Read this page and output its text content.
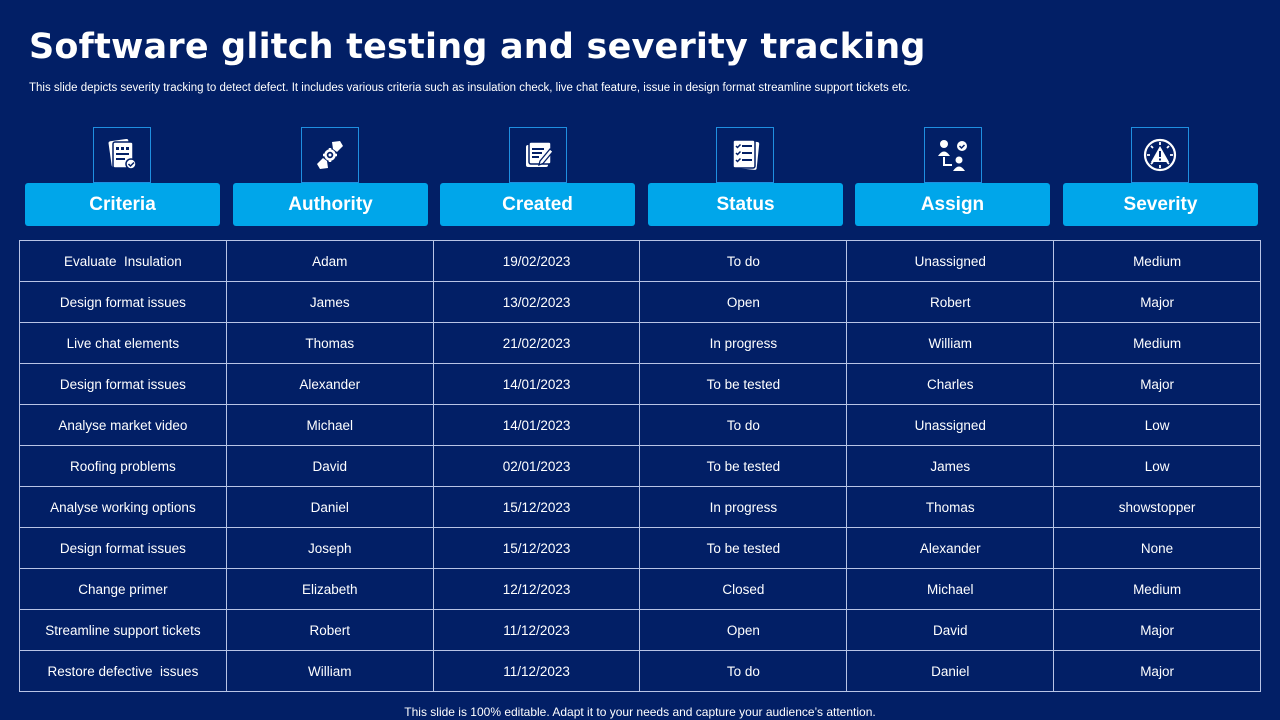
Software glitch testing and severity tracking
This slide depicts severity tracking to detect defect. It includes various criteria such as insulation check, live chat feature, issue in design format streamline support tickets etc.
Criteria	Authority	Created	Status	Assign	Severity
Evaluate  Insulation	Adam	19/02/2023	To do	Unassigned	Medium
Design format issues	James	13/02/2023	Open	Robert	Major
Live chat elements	Thomas	21/02/2023	In progress	William	Medium
Design format issues	Alexander	14/01/2023	To be tested	Charles	Major
Analyse market video	Michael	14/01/2023	To do	Unassigned	Low
Roofing problems	David	02/01/2023	To be tested	James	Low
Analyse working options	Daniel	15/12/2023	In progress	Thomas	showstopper
Design format issues	Joseph	15/12/2023	To be tested	Alexander	None
Change primer	Elizabeth	12/12/2023	Closed	Michael	Medium
Streamline support tickets	Robert	11/12/2023	Open	David	Major
Restore defective  issues	William	11/12/2023	To do	Daniel	Major
This slide is 100% editable. Adapt it to your needs and capture your audience’s attention.
